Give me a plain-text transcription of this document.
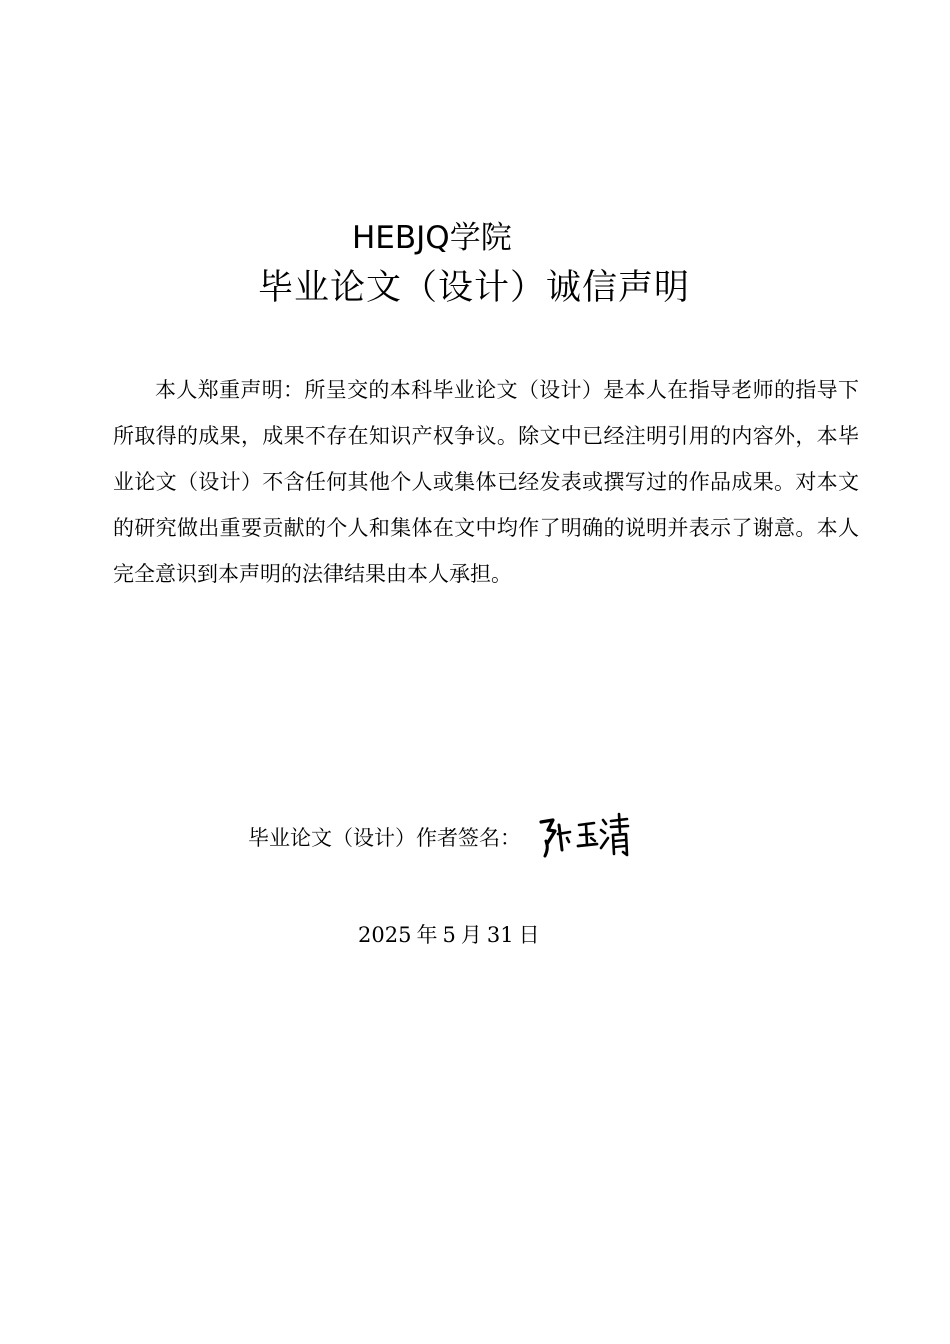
HEBJQ学院
毕业论文（设计）诚信声明

本人郑重声明：所呈交的本科毕业论文（设计）是本人在指导老师的指导下所取得的成果，成果不存在知识产权争议。除文中已经注明引用的内容外，本毕业论文（设计）不含任何其他个人或集体已经发表或撰写过的作品成果。对本文的研究做出重要贡献的个人和集体在文中均作了明确的说明并表示了谢意。本人完全意识到本声明的法律结果由本人承担。

毕业论文（设计）作者签名：
2025 年 5 月 31 日
